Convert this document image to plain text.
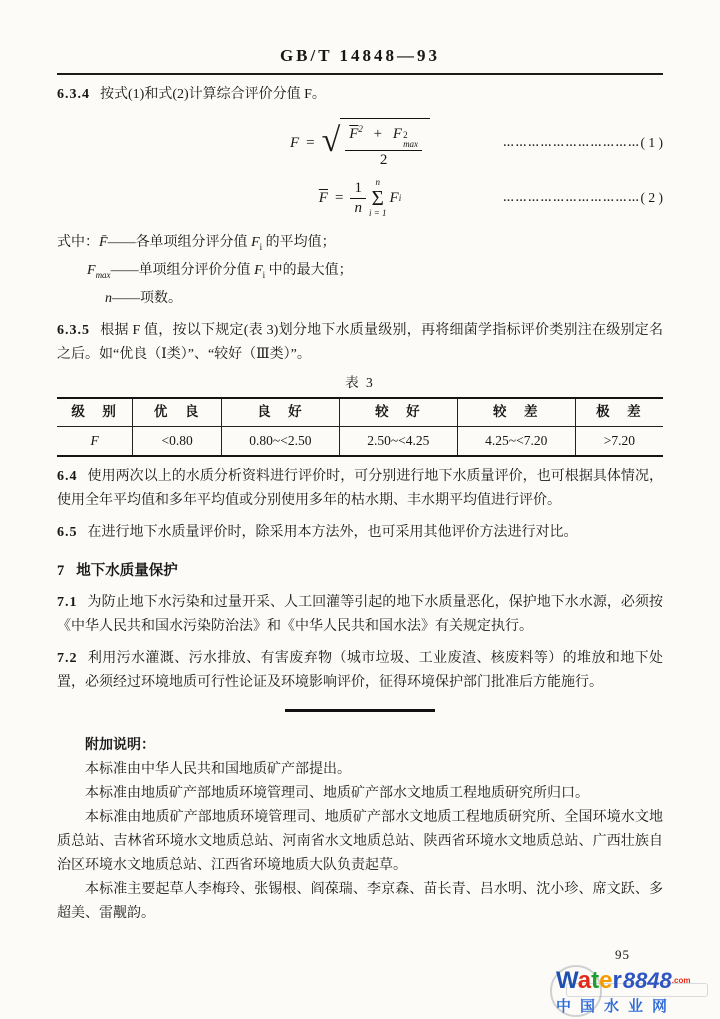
GB/T 14848—93

6.3.4 按式(1)和式(2)计算综合评价分值 F。

F = √ $F^2 + F$ 2
max
2	…………………………… ( 1 )
$\overline{F} = \frac{1}{n}$ n
Σ
i = 1
F i	…………………………… ( 2 )
式中： F̄ —— 各单项组分评分值 $F_i$ 的平均值；
$F_{max}$ —— 单项组分评价分值 $F_i$ 中的最大值；
n —— 项数。

6.3.5 根据 F 值，按以下规定(表 3)划分地下水质量级别，再将细菌学指标评价类别注在级别定名之后。如“优良（Ⅰ类）”、“较好（Ⅲ类）”。

表 3
级　别	优　良	良　好	较　好	较　差	极　差
F	<0.80	0.80~<2.50	2.50~<4.25	4.25~<7.20	>7.20

6.4 使用两次以上的水质分析资料进行评价时，可分别进行地下水质量评价，也可根据具体情况，使用全年平均值和多年平均值或分别使用多年的枯水期、丰水期平均值进行评价。

6.5 在进行地下水质量评价时，除采用本方法外，也可采用其他评价方法进行对比。

7 地下水质量保护

7.1 为防止地下水污染和过量开采、人工回灌等引起的地下水质量恶化，保护地下水水源，必须按《中华人民共和国水污染防治法》和《中华人民共和国水法》有关规定执行。

7.2 利用污水灌溉、污水排放、有害废弃物（城市垃圾、工业废渣、核废料等）的堆放和地下处置，必须经过环境地质可行性论证及环境影响评价，征得环境保护部门批准后方能施行。

附加说明：
本标准由中华人民共和国地质矿产部提出。
本标准由地质矿产部地质环境管理司、地质矿产部水文地质工程地质研究所归口。
本标准由地质矿产部地质环境管理司、地质矿产部水文地质工程地质研究所、全国环境水文地质总站、吉林省环境水文地质总站、河南省水文地质总站、陕西省环境水文地质总站、广西壮族自治区环境水文地质总站、江西省环境地质大队负责起草。
本标准主要起草人李梅玲、张锡根、阎葆瑞、李京森、苗长青、吕水明、沈小珍、席文跃、多超美、雷觏韵。
95
Water 8848 .com
中国水业网
